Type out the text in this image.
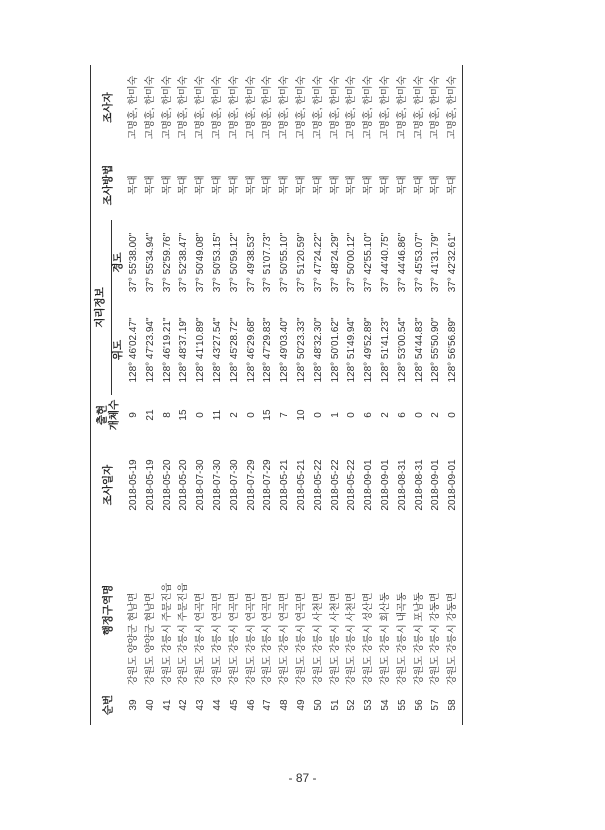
순번	행정구역명	조사일자	출현
개체수	지리정보		조사방법	조사자
				위도	경도		

39	강원도 양양군 현남면	2018-05-19	9	128° 46'02.47"	37° 55'38.00"	목대	고명훈, 한미숙
40	강원도 양양군 현남면	2018-05-19	21	128° 47'23.94"	37° 55'34.94"	목대	고명훈, 한미숙
41	강원도 강릉시 주문진읍	2018-05-20	8	128° 46'19.21"	37° 52'59.76"	목대	고명훈, 한미숙
42	강원도 강릉시 주문진읍	2018-05-20	15	128° 48'37.19"	37° 52'38.47"	목대	고명훈, 한미숙
43	강원도 강릉시 연곡면	2018-07-30	0	128° 41'10.89"	37° 50'49.08"	목대	고명훈, 한미숙
44	강원도 강릉시 연곡면	2018-07-30	11	128° 43'27.54"	37° 50'53.15"	목대	고명훈, 한미숙
45	강원도 강릉시 연곡면	2018-07-30	2	128° 45'28.72"	37° 50'59.12"	목대	고명훈, 한미숙
46	강원도 강릉시 연곡면	2018-07-29	0	128° 46'29.68"	37° 49'38.53"	목대	고명훈, 한미숙
47	강원도 강릉시 연곡면	2018-07-29	15	128° 47'29.83"	37° 51'07.73"	목대	고명훈, 한미숙
48	강원도 강릉시 연곡면	2018-05-21	7	128° 49'03.40"	37° 50'55.10"	목대	고명훈, 한미숙
49	강원도 강릉시 연곡면	2018-05-21	10	128° 50'23.33"	37° 51'20.59"	목대	고명훈, 한미숙
50	강원도 강릉시 사천면	2018-05-22	0	128° 48'32.30"	37° 47'24.22"	목대	고명훈, 한미숙
51	강원도 강릉시 사천면	2018-05-22	1	128° 50'01.62"	37° 48'24.29"	목대	고명훈, 한미숙
52	강원도 강릉시 사천면	2018-05-22	0	128° 51'49.94"	37° 50'00.12"	목대	고명훈, 한미숙
53	강원도 강릉시 성산면	2018-09-01	6	128° 49'52.89"	37° 42'55.10"	목대	고명훈, 한미숙
54	강원도 강릉시 회산동	2018-09-01	2	128° 51'41.23"	37° 44'40.75"	목대	고명훈, 한미숙
55	강원도 강릉시 내곡동	2018-08-31	6	128° 53'00.54"	37° 44'46.86"	목대	고명훈, 한미숙
56	강원도 강릉시 포남동	2018-08-31	0	128° 54'44.83"	37° 45'53.07"	목대	고명훈, 한미숙
57	강원도 강릉시 강동면	2018-09-01	2	128° 55'50.90"	37° 41'31.79"	목대	고명훈, 한미숙
58	강원도 강릉시 강동면	2018-09-01	0	128° 56'56.89"	37° 42'32.61"	목대	고명훈, 한미숙
- 87 -
